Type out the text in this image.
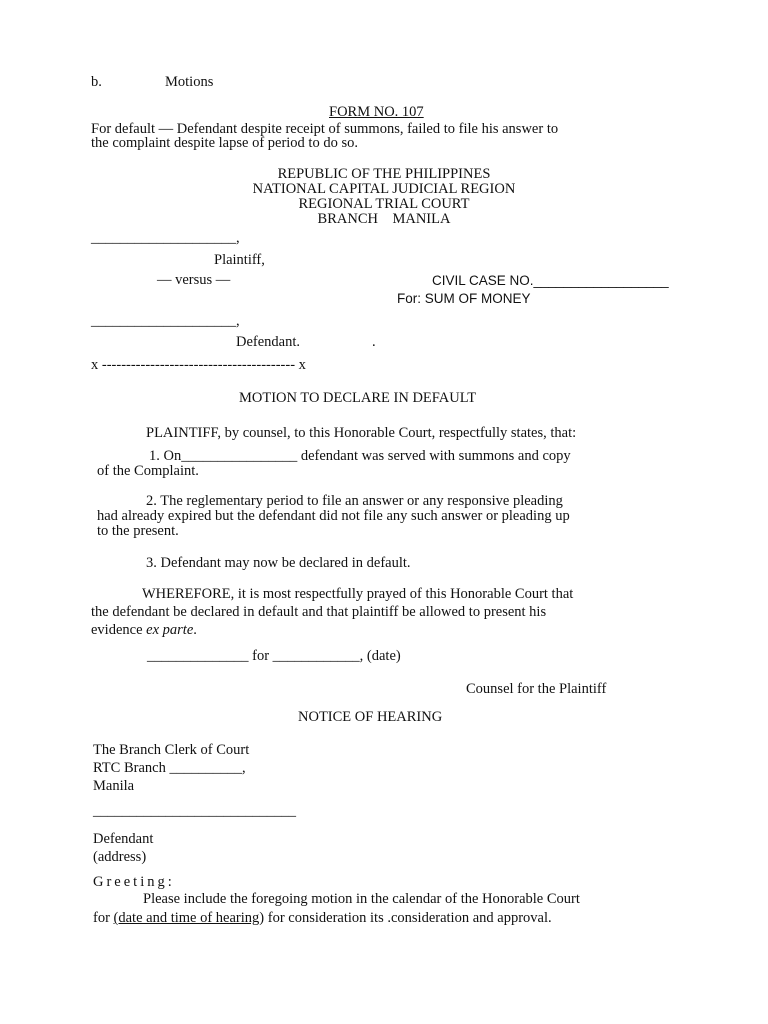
b.	Motions
FORM NO. 107
For default — Defendant despite receipt of summons, failed to file his answer to
the complaint despite lapse of period to do so.
REPUBLIC OF THE PHILIPPINES
NATIONAL CAPITAL JUDICIAL REGION
REGIONAL TRIAL COURT
BRANCH    MANILA
____________________,
Plaintiff,
— versus —	CIVIL CASE NO.__________________
For: SUM OF MONEY
____________________,
Defendant.	.
x ---------------------------------------- x
MOTION TO DECLARE IN DEFAULT
PLAINTIFF, by counsel, to this Honorable Court, respectfully states, that:
1. On________________ defendant was served with summons and copy
of the Complaint.
2. The reglementary period to file an answer or any responsive pleading
had already expired but the defendant did not file any such answer or pleading up
to the present.
3. Defendant may now be declared in default.
WHEREFORE, it is most respectfully prayed of this Honorable Court that
the defendant be declared in default and that plaintiff be allowed to present his
evidence ex parte.
______________ for ____________, (date)
Counsel for the Plaintiff
NOTICE OF HEARING
The Branch Clerk of Court
RTC Branch __________,
Manila
____________________________
Defendant
(address)
Greeting:
Please include the foregoing motion in the calendar of the Honorable Court
for (date and time of hearing) for consideration its .consideration and approval.
